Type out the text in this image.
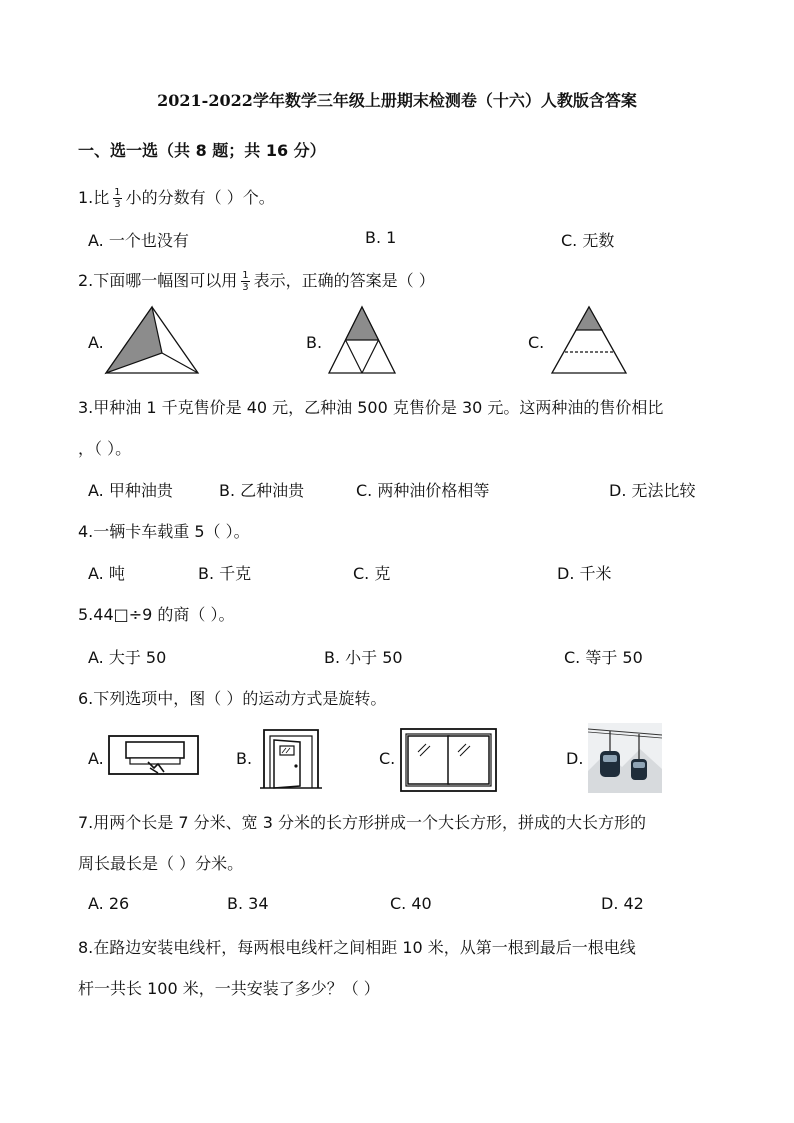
2021-2022学年数学三年级上册期末检测卷（十六）人教版含答案
一、选一选（共 8 题；共 16 分）
1.比 $\frac{1}{3}$ 小的分数有（ ）个。
A. 一个也没有	B. 1	C. 无数
2.下面哪一幅图可以用 $\frac{1}{3}$ 表示，正确的答案是（ ）
A.	B.	C.
3.甲种油 1 千克售价是 40 元，乙种油 500 克售价是 30 元。这两种油的售价相比
，（ ）。
A. 甲种油贵	B. 乙种油贵	C. 两种油价格相等	D. 无法比较
4.一辆卡车载重 5（ ）。
A. 吨	B. 千克	C. 克	D. 千米
5.44□÷9 的商（ ）。
A. 大于 50	B. 小于 50	C. 等于 50
6.下列选项中，图（ ）的运动方式是旋转。
A.	B.	C.	D.
7.用两个长是 7 分米、宽 3 分米的长方形拼成一个大长方形，拼成的大长方形的
周长最长是（ ）分米。
A. 26	B. 34	C. 40	D. 42
8.在路边安装电线杆，每两根电线杆之间相距 10 米，从第一根到最后一根电线
杆一共长 100 米，一共安装了多少？（ ）
